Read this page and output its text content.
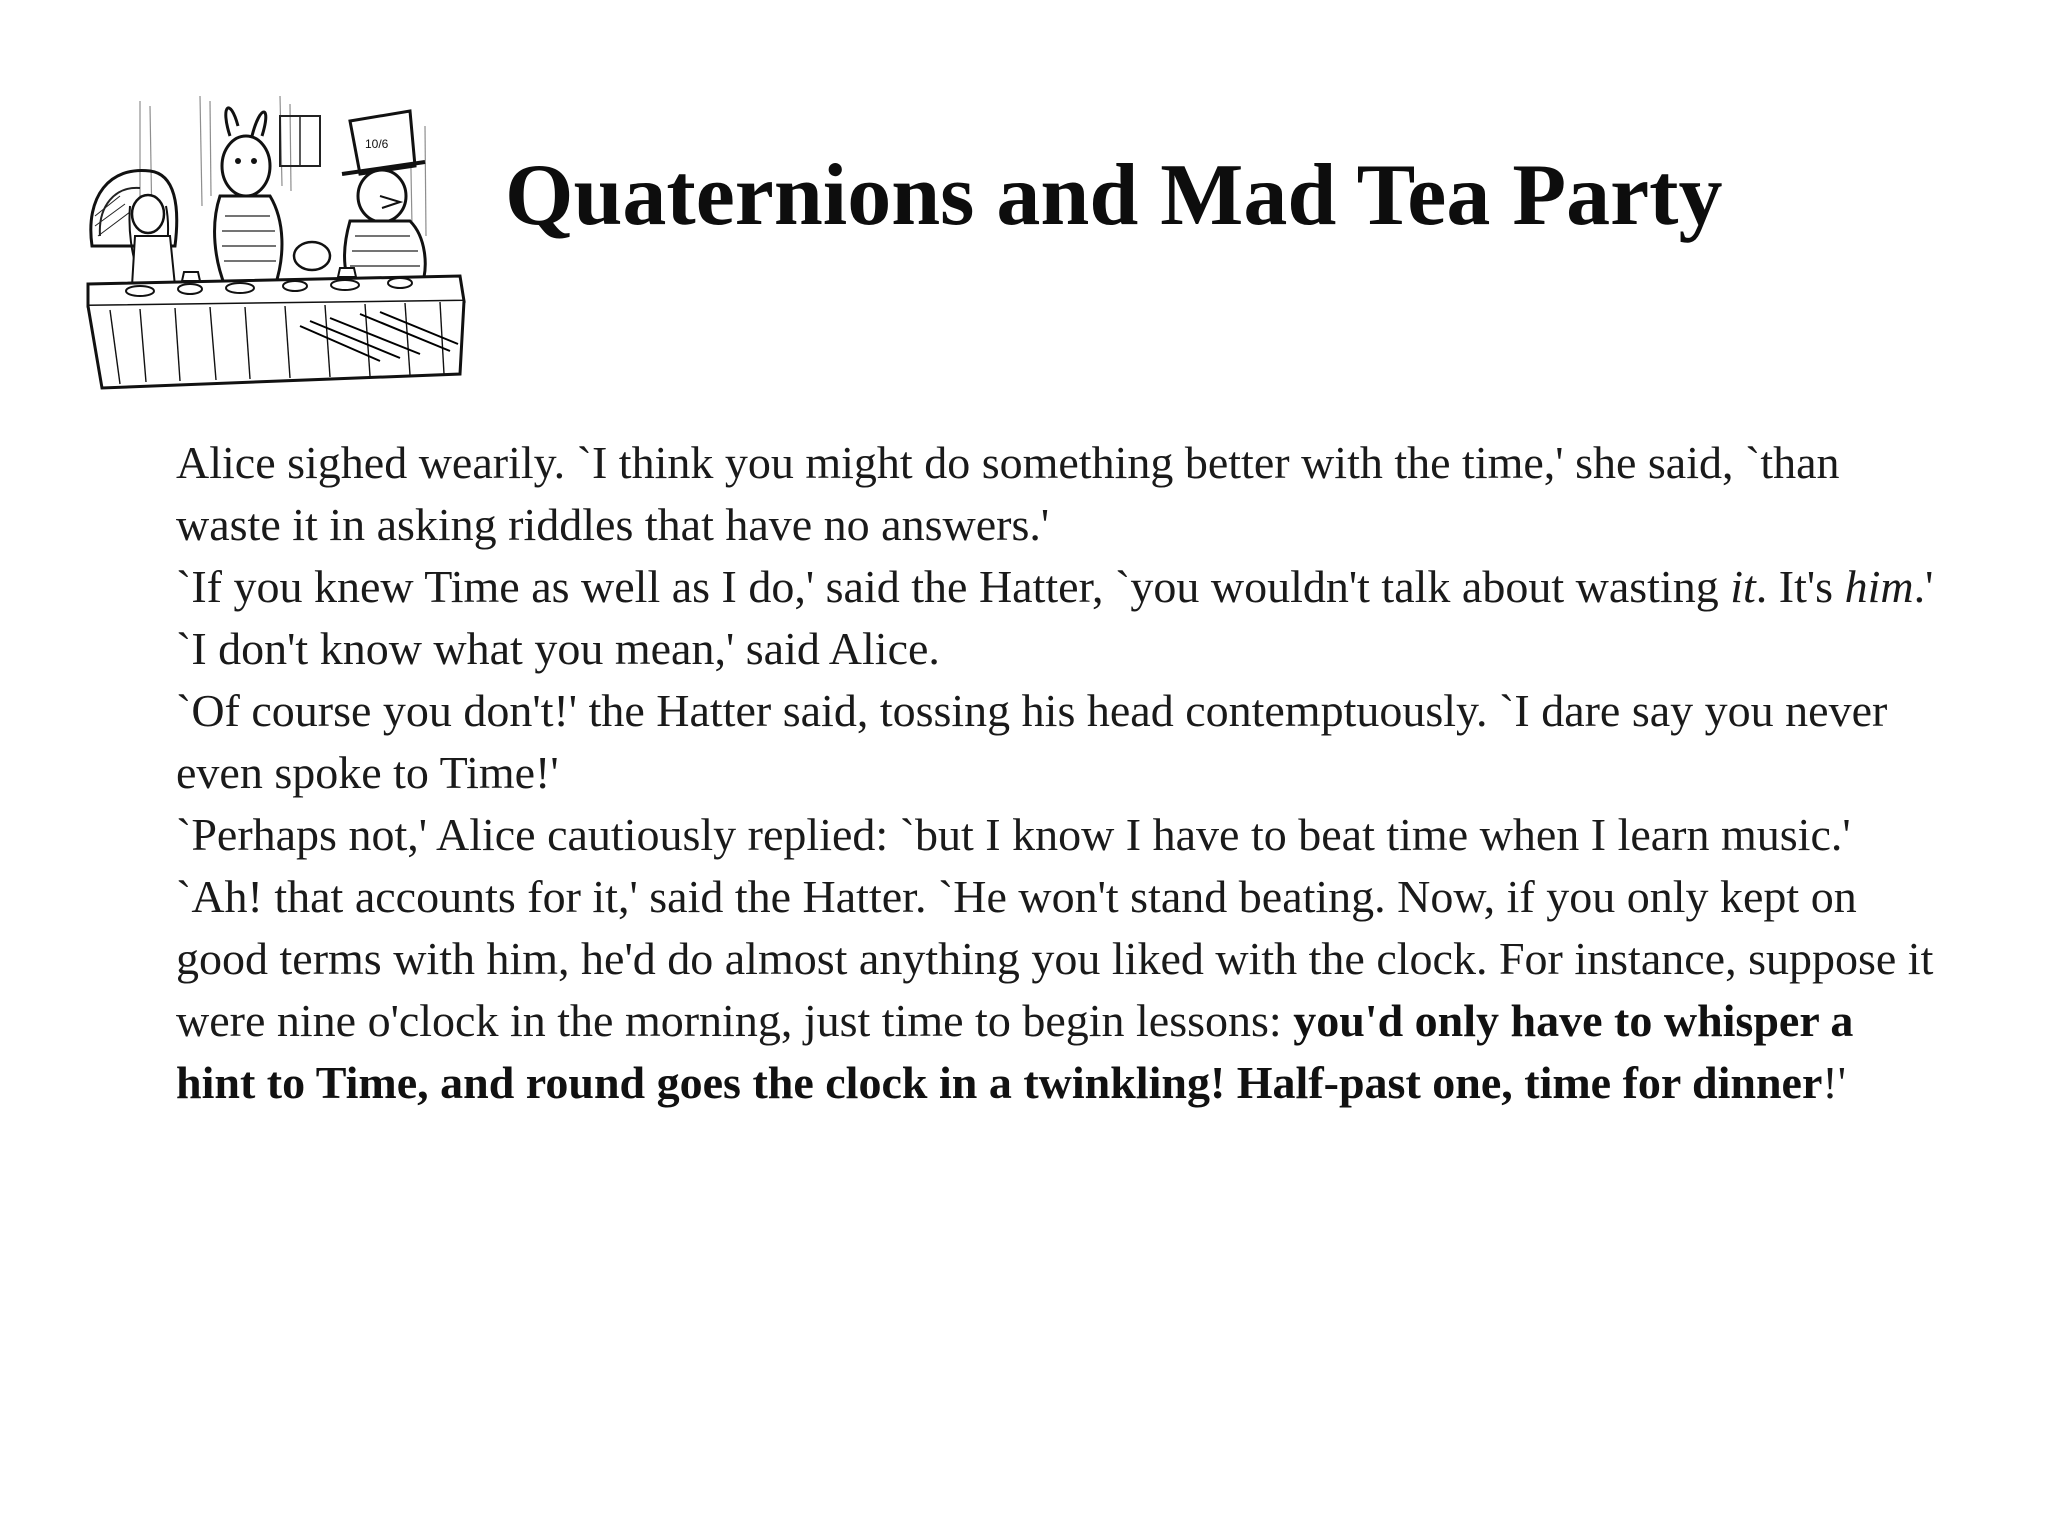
10/6
Quaternions and Mad Tea Party

Alice sighed wearily. `I think you might do something better with the time,' she said, `than waste it in asking riddles that have no answers.'

`If you knew Time as well as I do,' said the Hatter, `you wouldn't talk about wasting it. It's him.'

`I don't know what you mean,' said Alice.

`Of course you don't!' the Hatter said, tossing his head contemptuously. `I dare say you never even spoke to Time!'

`Perhaps not,' Alice cautiously replied: `but I know I have to beat time when I learn music.'

`Ah! that accounts for it,' said the Hatter. `He won't stand beating. Now, if you only kept on good terms with him, he'd do almost anything you liked with the clock. For instance, suppose it were nine o'clock in the morning, just time to begin lessons: you'd only have to whisper a hint to Time, and round goes the clock in a twinkling! Half-past one, time for dinner!'
